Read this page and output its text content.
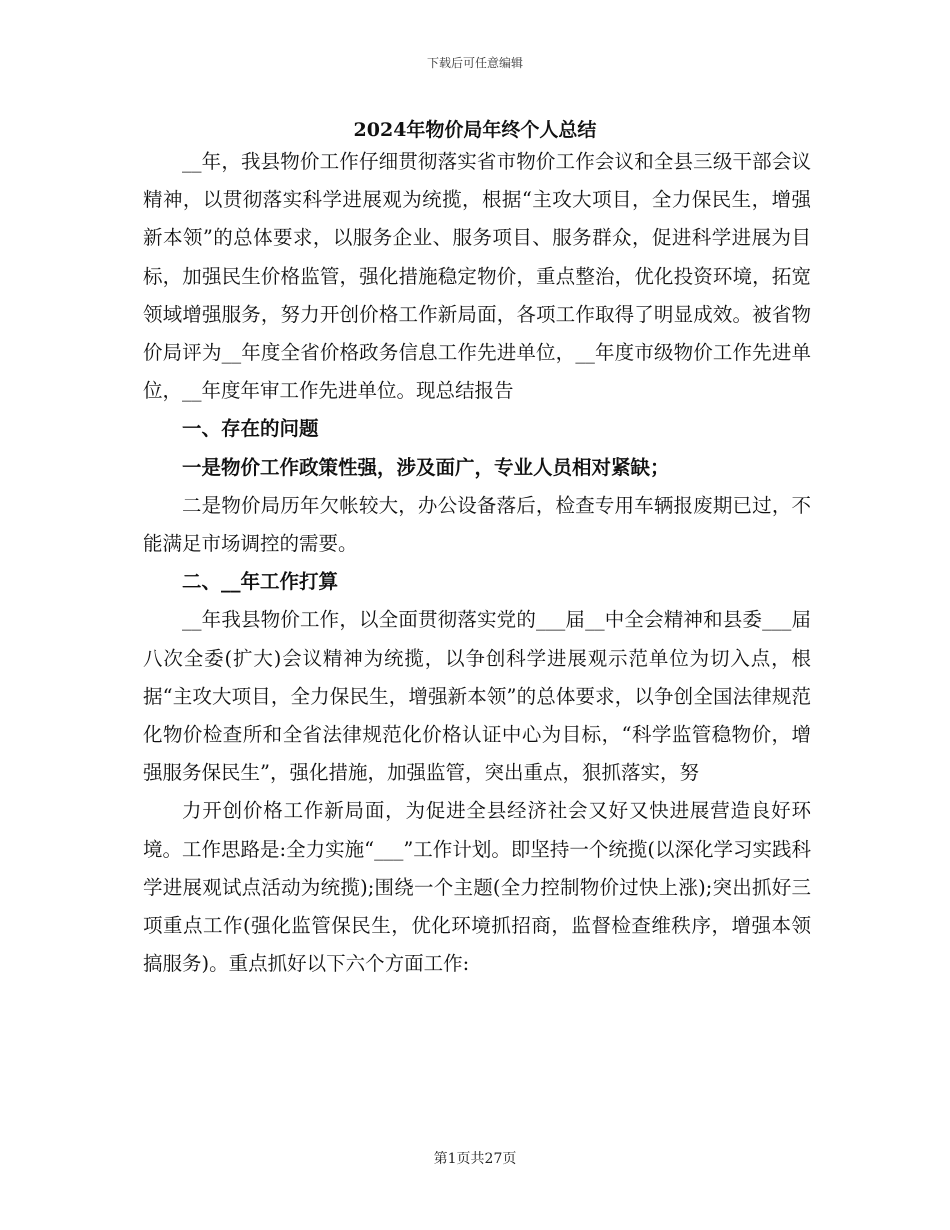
下载后可任意编辑
2024年物价局年终个人总结

__年，我县物价工作仔细贯彻落实省市物价工作会议和全县三级干部会议精神，以贯彻落实科学进展观为统揽，根据“主攻大项目，全力保民生，增强新本领”的总体要求，以服务企业、服务项目、服务群众，促进科学进展为目标，加强民生价格监管，强化措施稳定物价，重点整治，优化投资环境，拓宽领域增强服务，努力开创价格工作新局面，各项工作取得了明显成效。被省物价局评为__年度全省价格政务信息工作先进单位，__年度市级物价工作先进单位，__年度年审工作先进单位。现总结报告

一、存在的问题

一是物价工作政策性强，涉及面广，专业人员相对紧缺；

二是物价局历年欠帐较大，办公设备落后，检查专用车辆报废期已过，不能满足市场调控的需要。

二、__年工作打算

__年我县物价工作，以全面贯彻落实党的___届__中全会精神和县委___届八次全委(扩大)会议精神为统揽，以争创科学进展观示范单位为切入点，根据“主攻大项目，全力保民生，增强新本领”的总体要求，以争创全国法律规范化物价检查所和全省法律规范化价格认证中心为目标，“科学监管稳物价，增强服务保民生”，强化措施，加强监管，突出重点，狠抓落实，努

力开创价格工作新局面，为促进全县经济社会又好又快进展营造良好环境。工作思路是:全力实施“___”工作计划。即坚持一个统揽(以深化学习实践科学进展观试点活动为统揽);围绕一个主题(全力控制物价过快上涨);突出抓好三项重点工作(强化监管保民生，优化环境抓招商，监督检查维秩序，增强本领搞服务)。重点抓好以下六个方面工作:

第1页共27页
